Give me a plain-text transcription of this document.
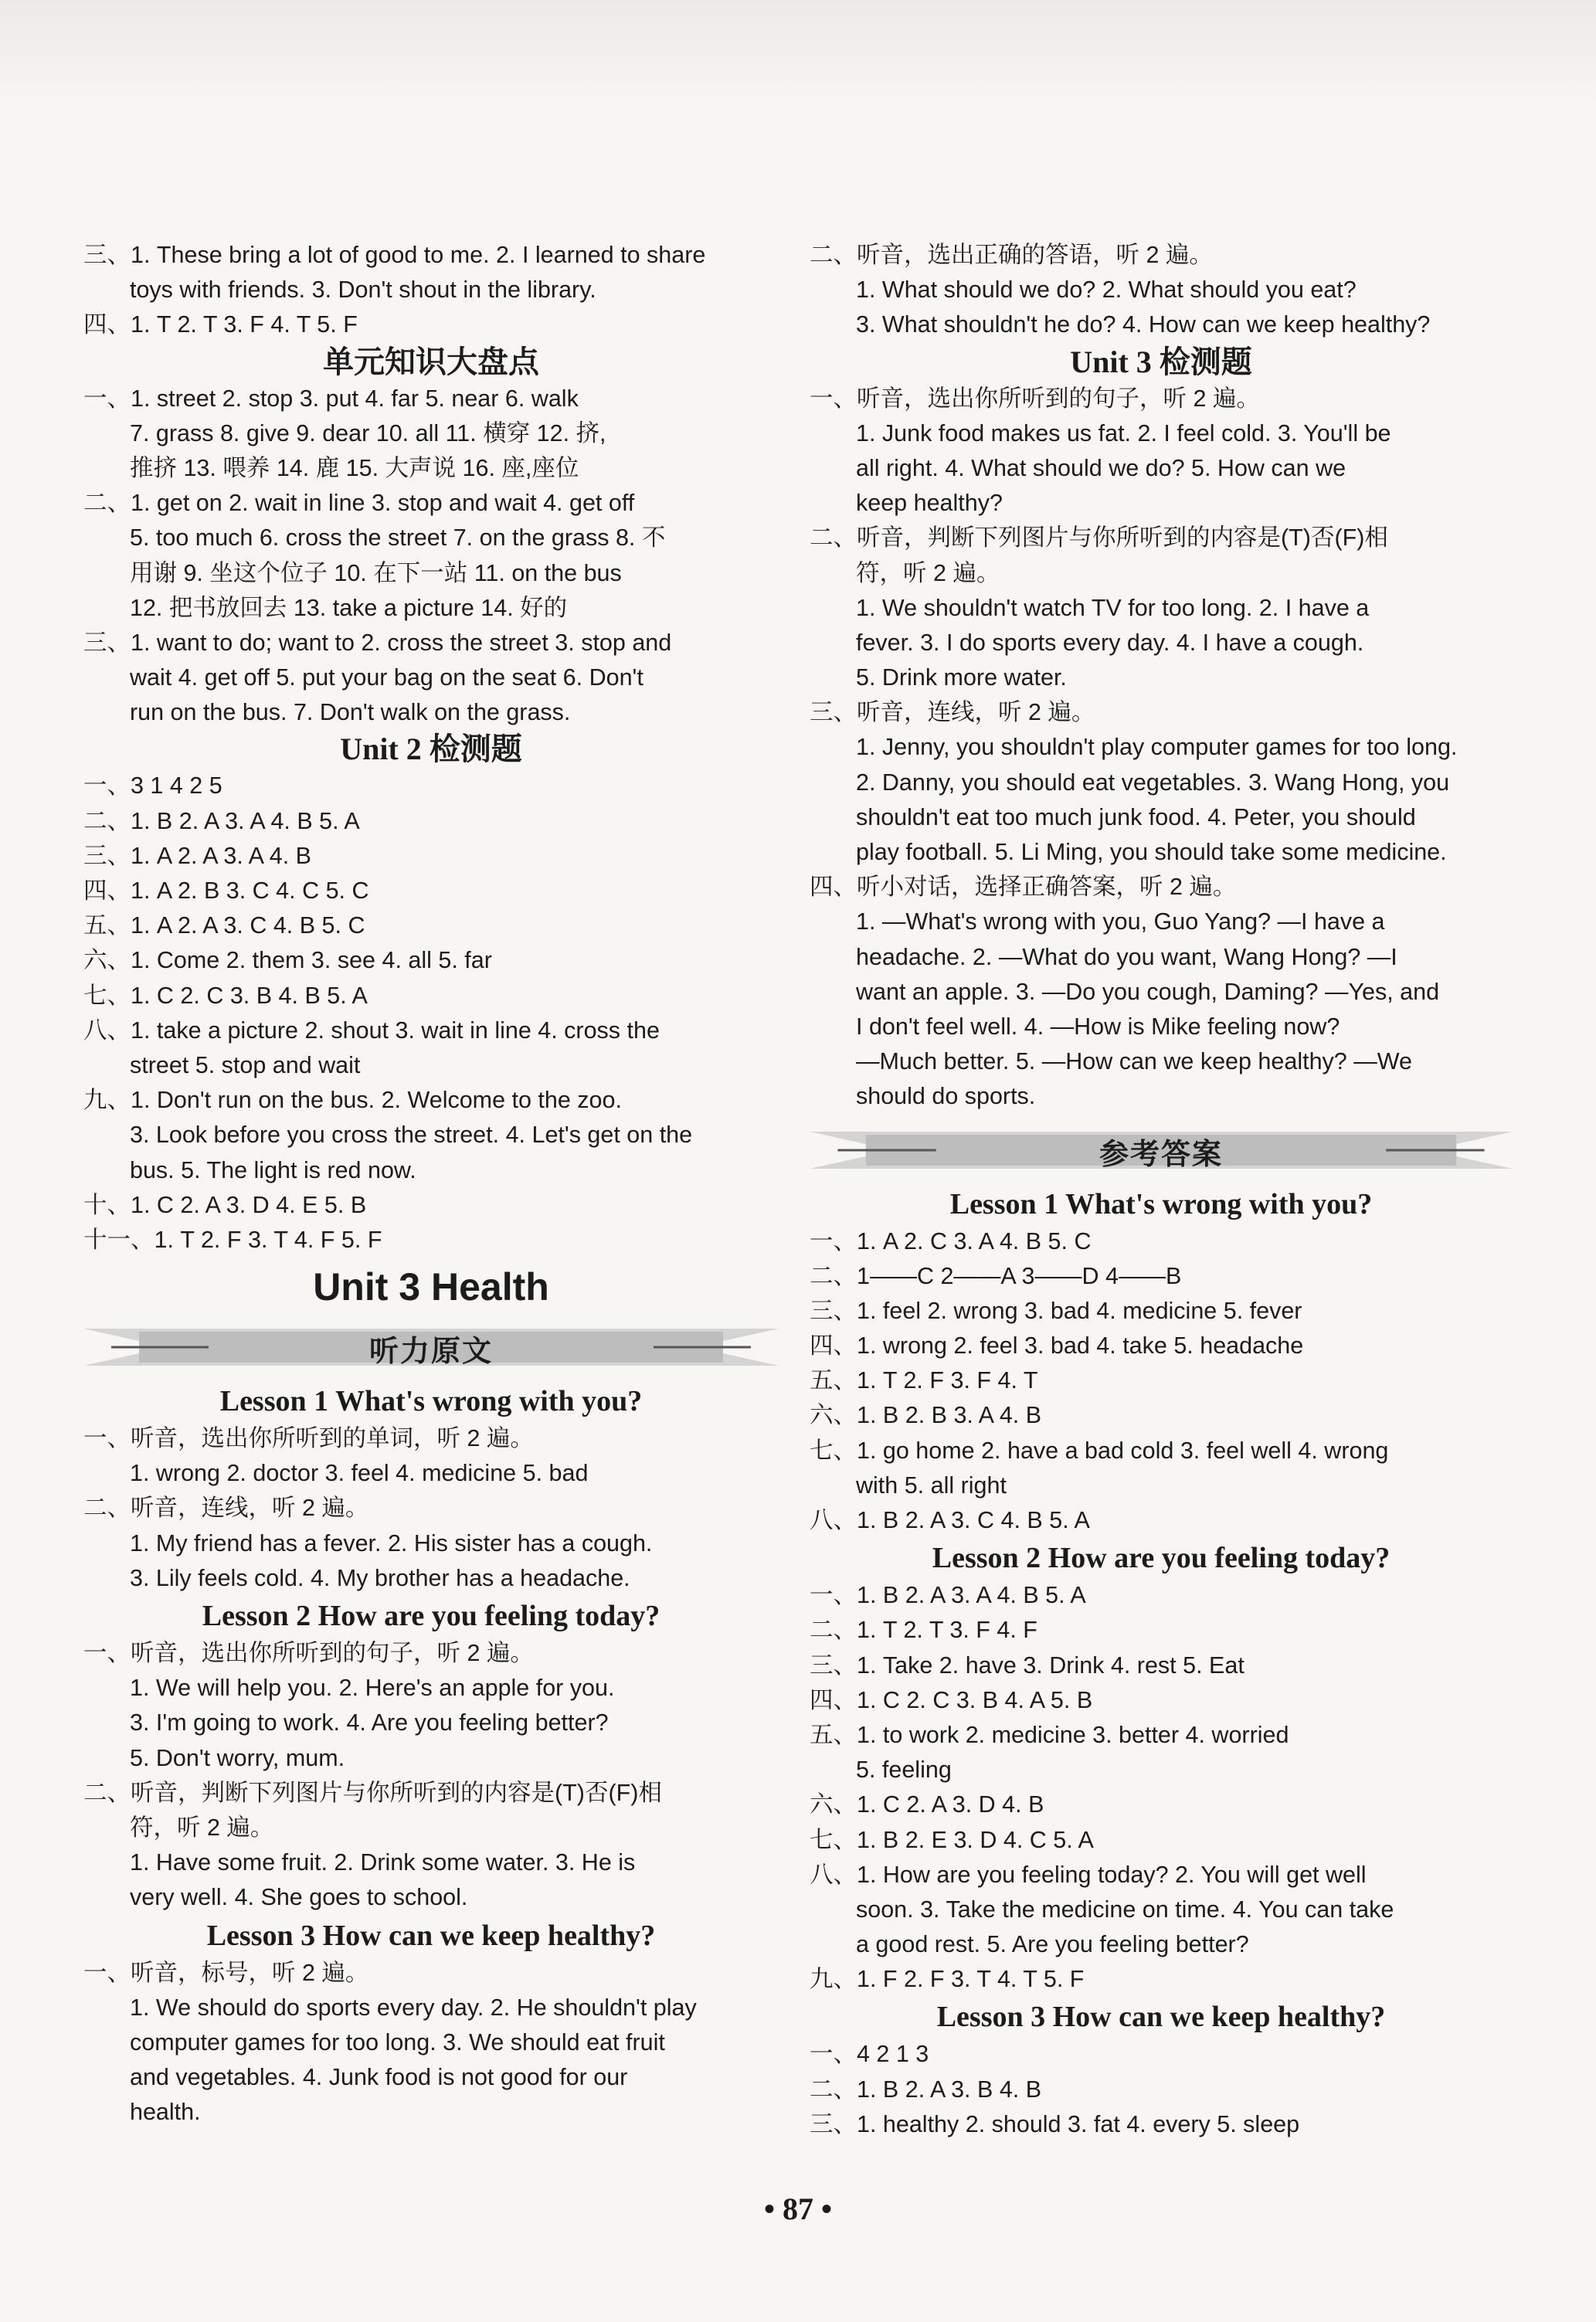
三、1. These bring a lot of good to me. 2. I learned to share
toys with friends. 3. Don't shout in the library.
四、1. T 2. T 3. F 4. T 5. F
单元知识大盘点
一、1. street 2. stop 3. put 4. far 5. near 6. walk
7. grass 8. give 9. dear 10. all 11. 横穿 12. 挤,
推挤 13. 喂养 14. 鹿 15. 大声说 16. 座,座位
二、1. get on 2. wait in line 3. stop and wait 4. get off
5. too much 6. cross the street 7. on the grass 8. 不
用谢 9. 坐这个位子 10. 在下一站 11. on the bus
12. 把书放回去 13. take a picture 14. 好的
三、1. want to do; want to 2. cross the street 3. stop and
wait 4. get off 5. put your bag on the seat 6. Don't
run on the bus. 7. Don't walk on the grass.
Unit 2 检测题
一、3 1 4 2 5
二、1. B 2. A 3. A 4. B 5. A
三、1. A 2. A 3. A 4. B
四、1. A 2. B 3. C 4. C 5. C
五、1. A 2. A 3. C 4. B 5. C
六、1. Come 2. them 3. see 4. all 5. far
七、1. C 2. C 3. B 4. B 5. A
八、1. take a picture 2. shout 3. wait in line 4. cross the
street 5. stop and wait
九、1. Don't run on the bus. 2. Welcome to the zoo.
3. Look before you cross the street. 4. Let's get on the
bus. 5. The light is red now.
十、1. C 2. A 3. D 4. E 5. B
十一、1. T 2. F 3. T 4. F 5. F
Unit 3 Health
听力原文
Lesson 1 What's wrong with you?
一、听音，选出你所听到的单词，听 2 遍。
1. wrong 2. doctor 3. feel 4. medicine 5. bad
二、听音，连线，听 2 遍。
1. My friend has a fever. 2. His sister has a cough.
3. Lily feels cold. 4. My brother has a headache.
Lesson 2 How are you feeling today?
一、听音，选出你所听到的句子，听 2 遍。
1. We will help you. 2. Here's an apple for you.
3. I'm going to work. 4. Are you feeling better?
5. Don't worry, mum.
二、听音，判断下列图片与你所听到的内容是(T)否(F)相
符，听 2 遍。
1. Have some fruit. 2. Drink some water. 3. He is
very well. 4. She goes to school.
Lesson 3 How can we keep healthy?
一、听音，标号，听 2 遍。
1. We should do sports every day. 2. He shouldn't play
computer games for too long. 3. We should eat fruit
and vegetables. 4. Junk food is not good for our
health.
二、听音，选出正确的答语，听 2 遍。
1. What should we do? 2. What should you eat?
3. What shouldn't he do? 4. How can we keep healthy?
Unit 3 检测题
一、听音，选出你所听到的句子，听 2 遍。
1. Junk food makes us fat. 2. I feel cold. 3. You'll be
all right. 4. What should we do? 5. How can we
keep healthy?
二、听音，判断下列图片与你所听到的内容是(T)否(F)相
符，听 2 遍。
1. We shouldn't watch TV for too long. 2. I have a
fever. 3. I do sports every day. 4. I have a cough.
5. Drink more water.
三、听音，连线，听 2 遍。
1. Jenny, you shouldn't play computer games for too long.
2. Danny, you should eat vegetables. 3. Wang Hong, you
shouldn't eat too much junk food. 4. Peter, you should
play football. 5. Li Ming, you should take some medicine.
四、听小对话，选择正确答案，听 2 遍。
1. —What's wrong with you, Guo Yang? —I have a
headache. 2. —What do you want, Wang Hong? —I
want an apple. 3. —Do you cough, Daming? —Yes, and
I don't feel well. 4. —How is Mike feeling now?
—Much better. 5. —How can we keep healthy? —We
should do sports.
参考答案
Lesson 1 What's wrong with you?
一、1. A 2. C 3. A 4. B 5. C
二、1——C 2——A 3——D 4——B
三、1. feel 2. wrong 3. bad 4. medicine 5. fever
四、1. wrong 2. feel 3. bad 4. take 5. headache
五、1. T 2. F 3. F 4. T
六、1. B 2. B 3. A 4. B
七、1. go home 2. have a bad cold 3. feel well 4. wrong
with 5. all right
八、1. B 2. A 3. C 4. B 5. A
Lesson 2 How are you feeling today?
一、1. B 2. A 3. A 4. B 5. A
二、1. T 2. T 3. F 4. F
三、1. Take 2. have 3. Drink 4. rest 5. Eat
四、1. C 2. C 3. B 4. A 5. B
五、1. to work 2. medicine 3. better 4. worried
5. feeling
六、1. C 2. A 3. D 4. B
七、1. B 2. E 3. D 4. C 5. A
八、1. How are you feeling today? 2. You will get well
soon. 3. Take the medicine on time. 4. You can take
a good rest. 5. Are you feeling better?
九、1. F 2. F 3. T 4. T 5. F
Lesson 3 How can we keep healthy?
一、4 2 1 3
二、1. B 2. A 3. B 4. B
三、1. healthy 2. should 3. fat 4. every 5. sleep
• 87 •
